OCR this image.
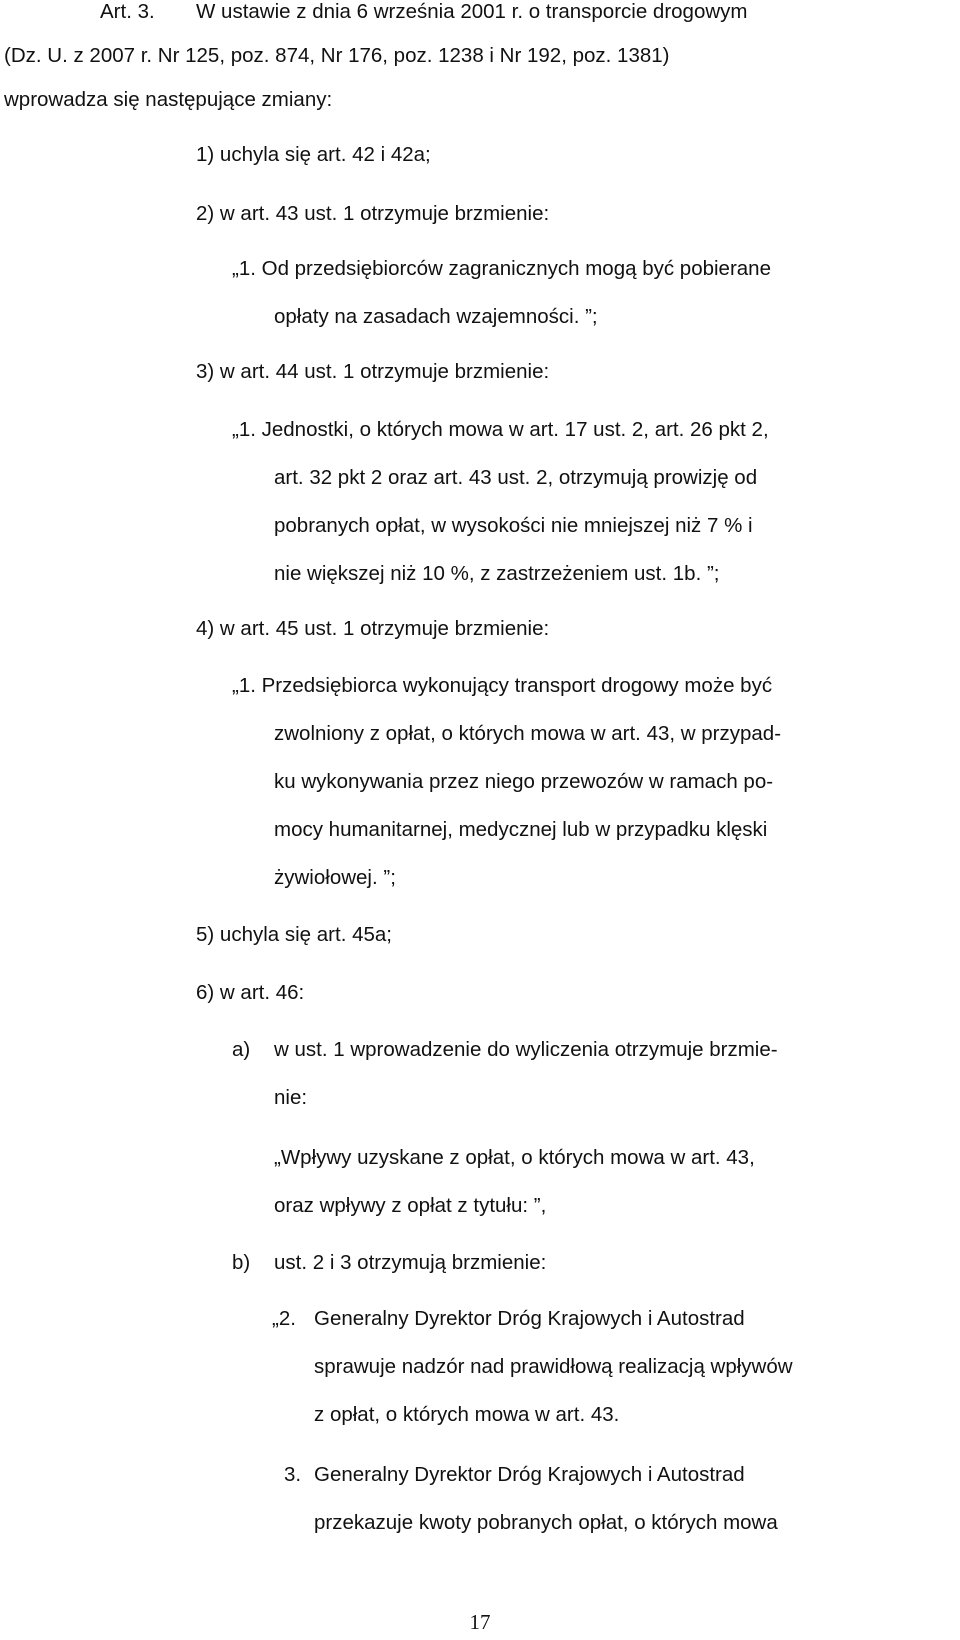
Art. 3. W ustawie z dnia 6 września 2001 r. o transporcie drogowym
(Dz. U. z 2007 r. Nr 125, poz. 874, Nr 176, poz. 1238 i Nr 192, poz. 1381)
wprowadza się następujące zmiany:
1) uchyla się art. 42 i 42a;
2) w art. 43 ust. 1 otrzymuje brzmienie:
„1. Od przedsiębiorców zagranicznych mogą być pobierane
opłaty na zasadach wzajemności. ”;
3) w art. 44 ust. 1 otrzymuje brzmienie:
„1. Jednostki, o których mowa w art. 17 ust. 2, art. 26 pkt 2,
art. 32 pkt 2 oraz art. 43 ust. 2, otrzymują prowizję od
pobranych opłat, w wysokości nie mniejszej niż 7 % i
nie większej niż 10 %, z zastrzeżeniem ust. 1b. ”;
4) w art. 45 ust. 1 otrzymuje brzmienie:
„1. Przedsiębiorca wykonujący transport drogowy może być
zwolniony z opłat, o których mowa w art. 43, w przypad-
ku wykonywania przez niego przewozów w ramach po-
mocy humanitarnej, medycznej lub w przypadku klęski
żywiołowej. ”;
5) uchyla się art. 45a;
6) w art. 46:
a) w ust. 1 wprowadzenie do wyliczenia otrzymuje brzmie-
nie:
„Wpływy uzyskane z opłat, o których mowa w art. 43,
oraz wpływy z opłat z tytułu: ”,
b) ust. 2 i 3 otrzymują brzmienie:
„2. Generalny Dyrektor Dróg Krajowych i Autostrad
sprawuje nadzór nad prawidłową realizacją wpływów
z opłat, o których mowa w art. 43.
3. Generalny Dyrektor Dróg Krajowych i Autostrad
przekazuje kwoty pobranych opłat, o których mowa
17
